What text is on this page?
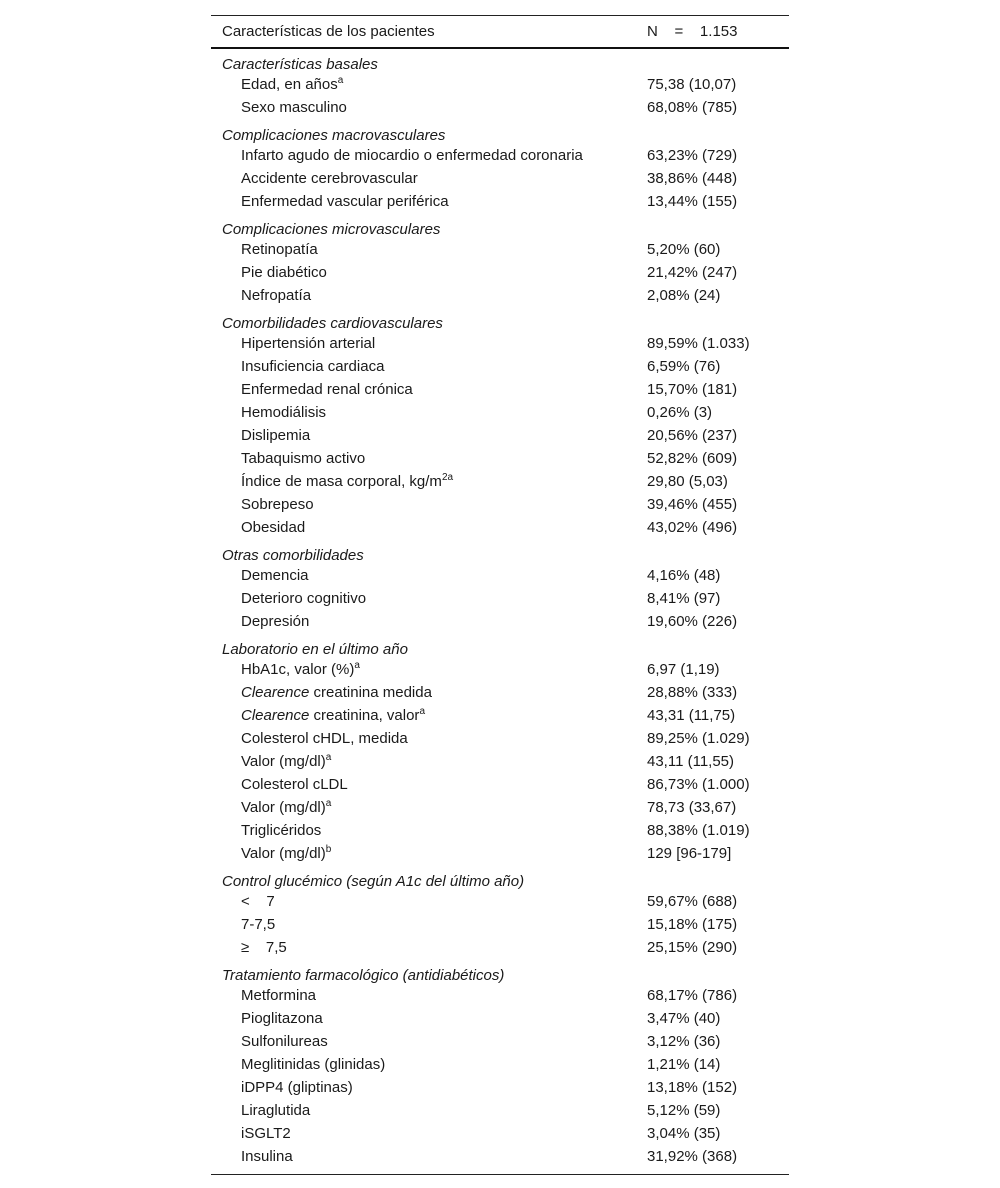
Características de los pacientes	N    =    1.153
Características basales
Edad, en años$^a$	75,38 (10,07)
Sexo masculino	68,08% (785)
Complicaciones macrovasculares
Infarto agudo de miocardio o enfermedad coronaria	63,23% (729)
Accidente cerebrovascular	38,86% (448)
Enfermedad vascular periférica	13,44% (155)
Complicaciones microvasculares
Retinopatía	5,20% (60)
Pie diabético	21,42% (247)
Nefropatía	2,08% (24)
Comorbilidades cardiovasculares
Hipertensión arterial	89,59% (1.033)
Insuficiencia cardiaca	6,59% (76)
Enfermedad renal crónica	15,70% (181)
Hemodiálisis	0,26% (3)
Dislipemia	20,56% (237)
Tabaquismo activo	52,82% (609)
Índice de masa corporal, $kg/m^{2a}$	29,80 (5,03)
Sobrepeso	39,46% (455)
Obesidad	43,02% (496)
Otras comorbilidades
Demencia	4,16% (48)
Deterioro cognitivo	8,41% (97)
Depresión	19,60% (226)
Laboratorio en el último año
HbA1c, valor (%)$^a$	6,97 (1,19)
Clearence creatinina medida	28,88% (333)
Clearence creatinina, valor$^a$	43,31 (11,75)
Colesterol cHDL, medida	89,25% (1.029)
Valor $(mg/dl)^a$	43,11 (11,55)
Colesterol cLDL	86,73% (1.000)
Valor $(mg/dl)^a$	78,73 (33,67)
Triglicéridos	88,38% (1.019)
Valor $(mg/dl)^b$	129 [96-179]
Control glucémico (según A1c del último año)
<    7	59,67% (688)
7-7,5	15,18% (175)
≥    7,5	25,15% (290)
Tratamiento farmacológico (antidiabéticos)
Metformina	68,17% (786)
Pioglitazona	3,47% (40)
Sulfonilureas	3,12% (36)
Meglitinidas (glinidas)	1,21% (14)
iDPP4 (gliptinas)	13,18% (152)
Liraglutida	5,12% (59)
iSGLT2	3,04% (35)
Insulina	31,92% (368)
